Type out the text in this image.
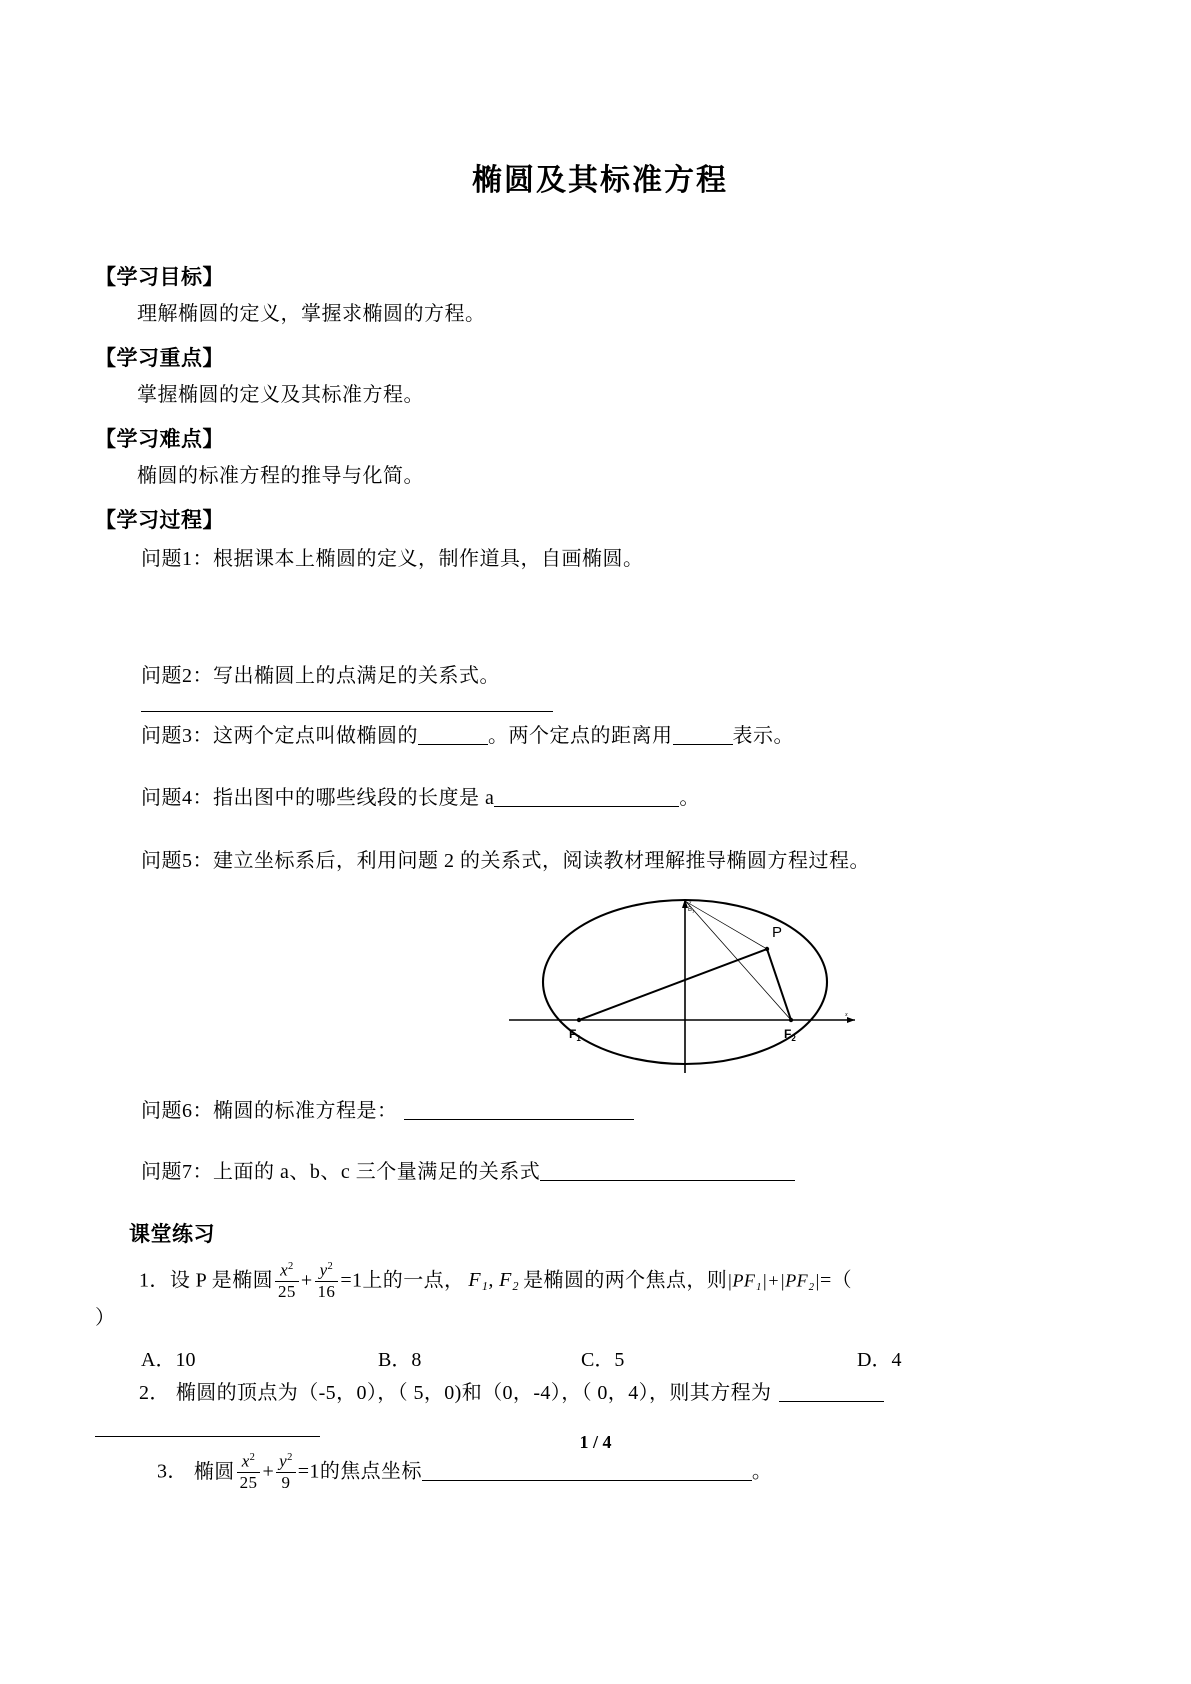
椭圆及其标准方程
【学习目标】
理解椭圆的定义，掌握求椭圆的方程。
【学习重点】
掌握椭圆的定义及其标准方程。
【学习难点】
椭圆的标准方程的推导与化简。
【学习过程】
问题1：根据课本上椭圆的定义，制作道具，自画椭圆。
问题2：写出椭圆上的点满足的关系式。
问题3：这两个定点叫做椭圆的	。两个定点的距离用	表示。
问题4：指出图中的哪些线段的长度是 a	。
问题5：建立坐标系后，利用问题 2 的关系式，阅读教材理解推导椭圆方程过程。
P
$F_1$	$F_2$
$B_1$
y
x
问题6：椭圆的标准方程是：
问题7：上面的 a、b、c 三个量满足的关系式
课堂练习
1．设 P 是椭圆 $\frac{x^2}{25} + \frac{y^2}{16} =1$上的一点， F₁, F₂ 是椭圆的两个焦点，则|PF₁|+|PF₂|=（
）
A．10	B．8	C．5	D．4
2． 椭圆的顶点为（-5，0），（ 5，0)和（0，-4），（ 0，4），则其方程为
3． 椭圆 $\frac{x^2}{25} + \frac{y^2}{9} =1$的焦点坐标	。
1 / 4
